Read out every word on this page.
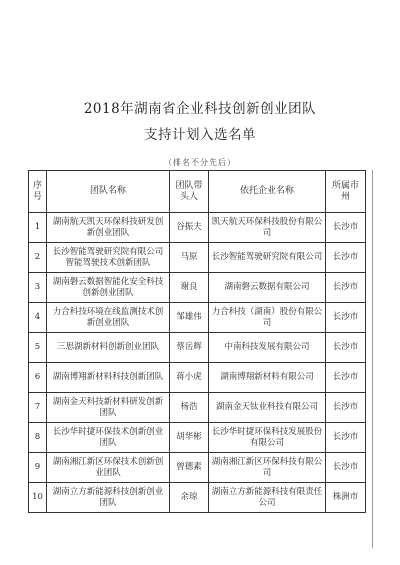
2018年湖南省企业科技创新创业团队
支持计划入选名单
（排名不分先后）
序号	团队名称	团队带头人	依托企业名称	所属市州
1	湖南航天凯天环保科技研发创新创业团队	谷振夫	凯天航天环保科技股份有限公司	长沙市
2	长沙智能驾驶研究院有限公司智能驾驶技术创新团队	马原	长沙智能驾驶研究院有限公司	长沙市
3	湖南磐云数据智能化安全科技创新创业团队	谢良	湖南磐云数据有限公司	长沙市
4	力合科技环境在线监测技术创新创业团队	邹雄伟	力合科技（湖南）股份有限公司	长沙市
5	三思湖新材料创新创业团队	蔡岳辉	中南科技发展有限公司	长沙市
6	湖南博翔新材料科技创新团队	蒋小虎	湖南博翔新材料有限公司	长沙市
7	湖南金天科技新材料研发创新团队	杨浩	湖南金天钛业科技有限公司	长沙市
8	长沙华时捷环保技术创新创业团队	胡华彬	长沙华时捷环保科技发展股份有限公司	长沙市
9	湖南湘江新区环保技术创新创业团队	曾德素	湖南湘江新区环保科技有限公司	长沙市
10	湖南立方新能源科技创新创业团队	余琼	湖南立方新能源科技有限责任公司	株洲市
